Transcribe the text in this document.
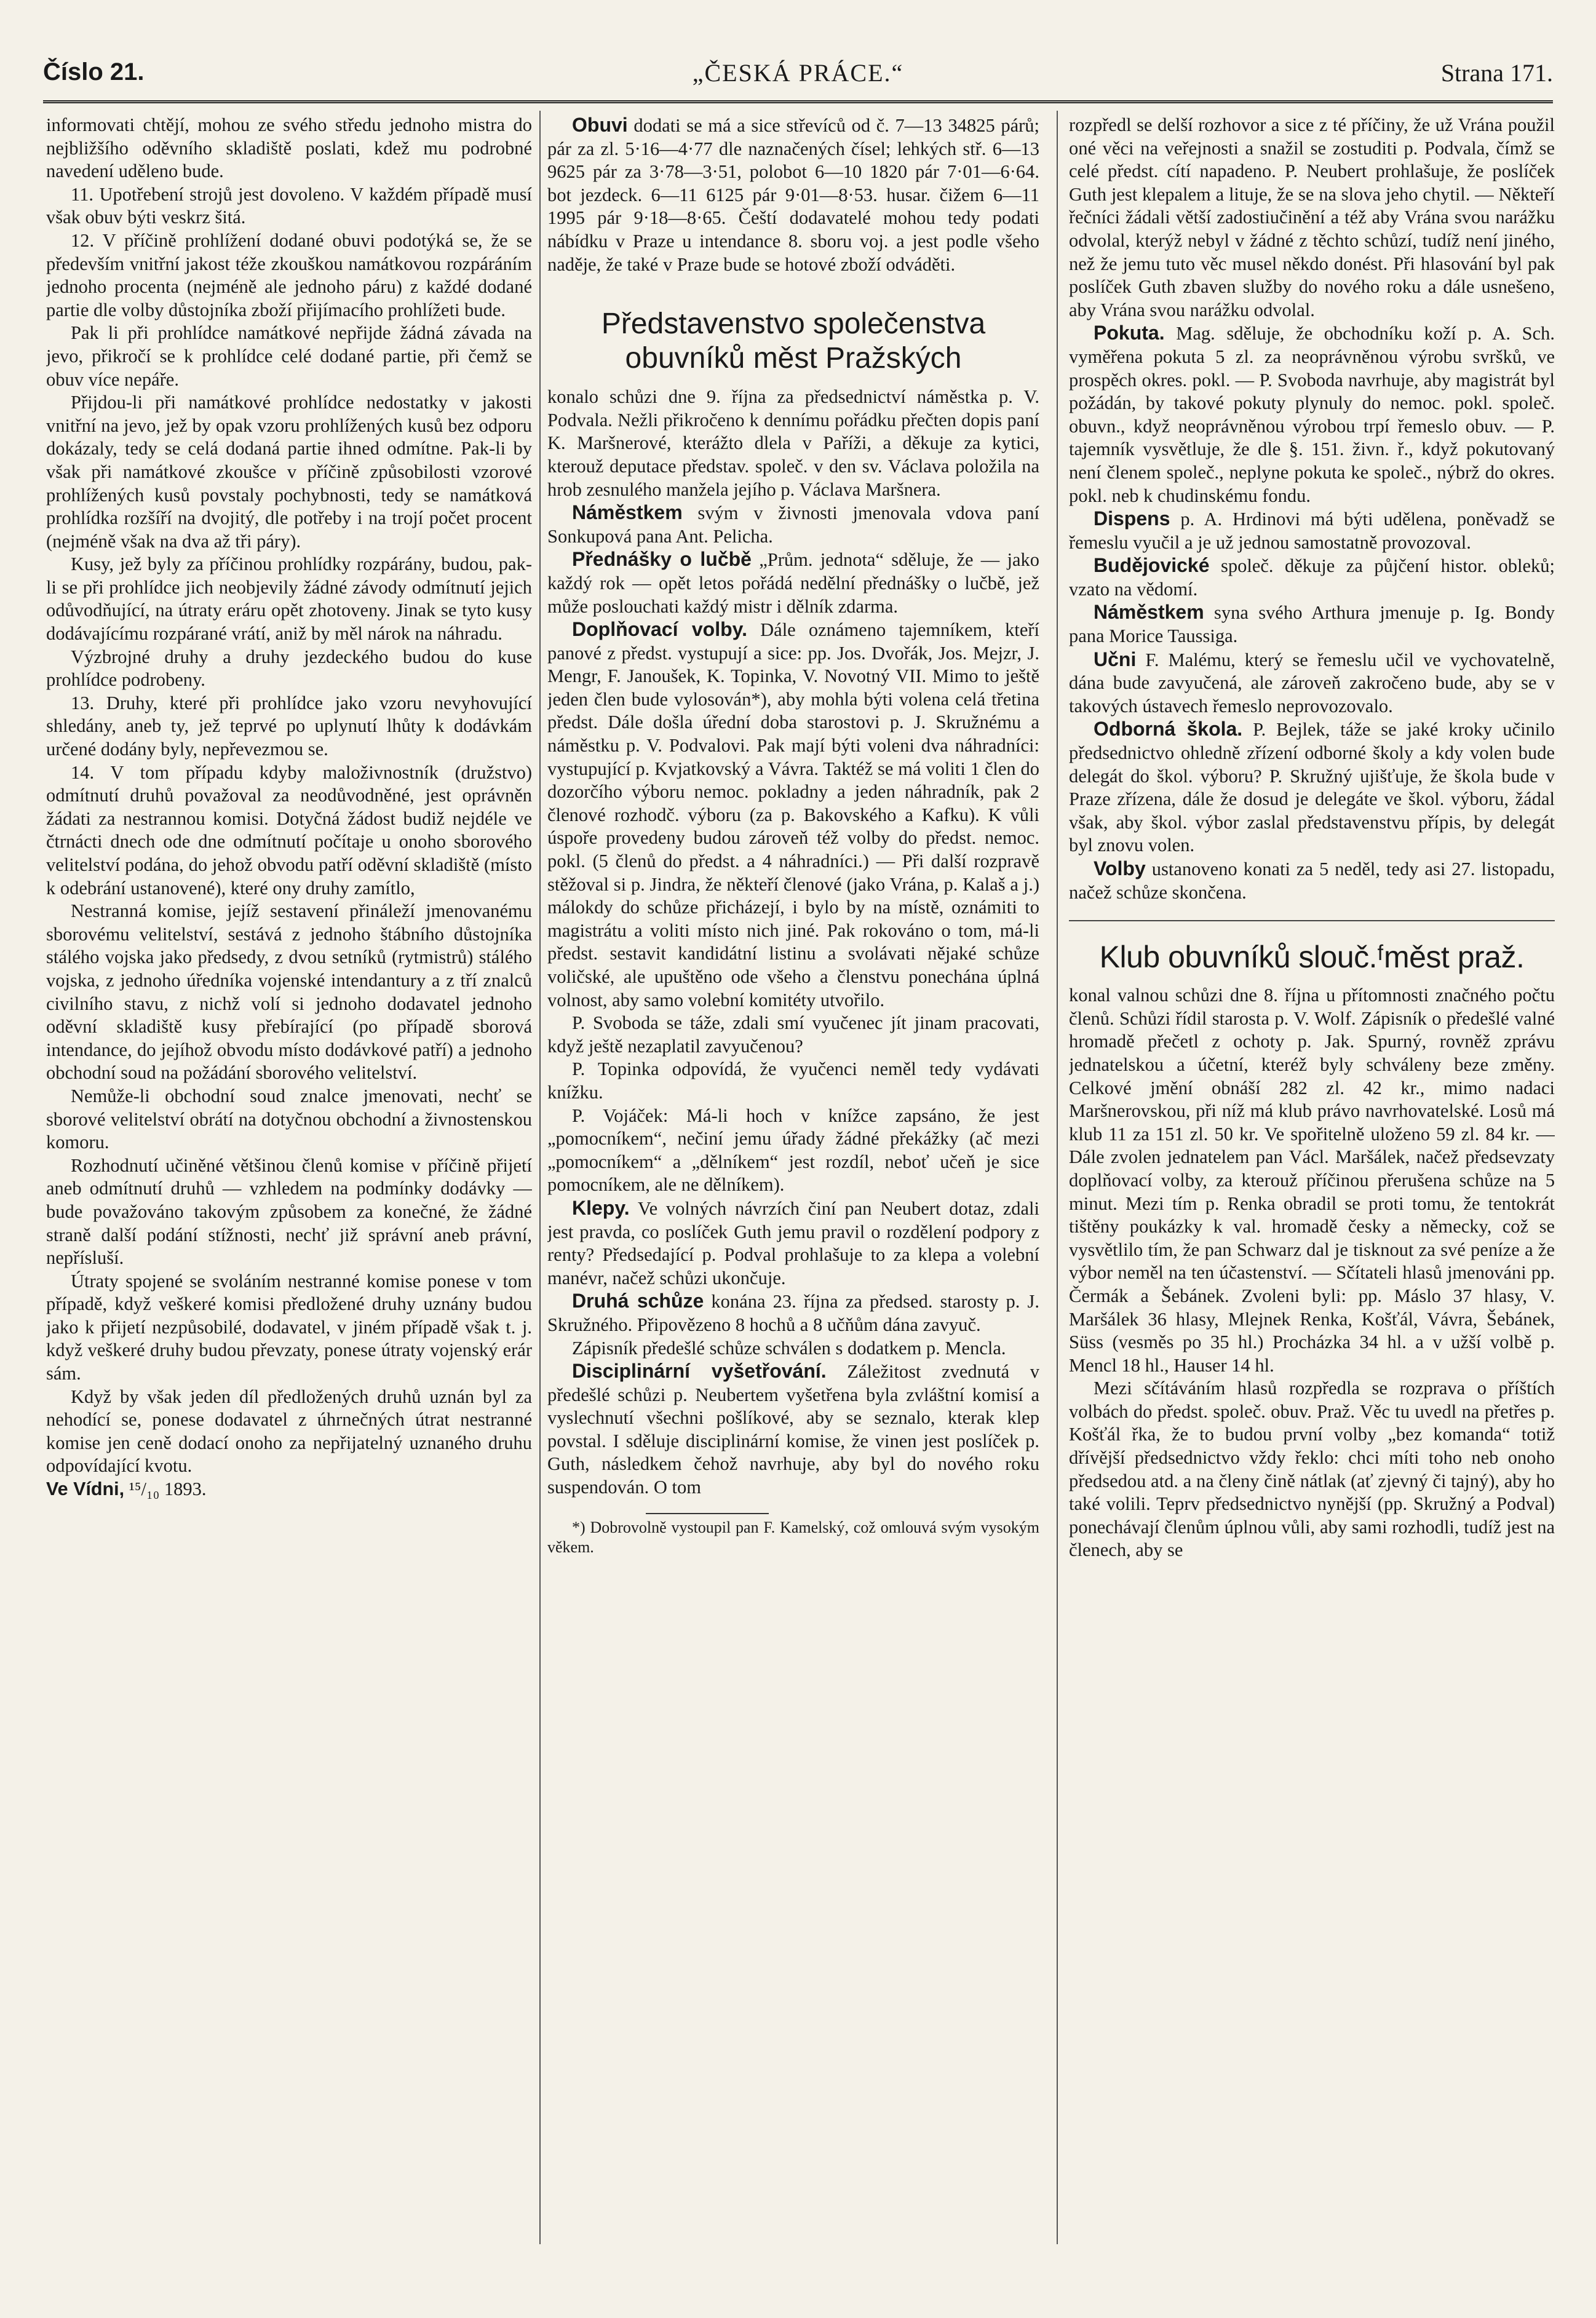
Číslo 21.	„ČESKÁ PRÁCE.“	Strana 171.

informovati chtějí, mohou ze svého středu jednoho mistra do nejbližšího oděvního skladiště poslati, kdež mu podrobné navedení uděleno bude.

11. Upotřebení strojů jest dovoleno. V každém případě musí však obuv býti veskrz šitá.

12. V příčině prohlížení dodané obuvi podotýká se, že se především vnitřní jakost téže zkouškou namátkovou rozpáráním jednoho procenta (nejméně ale jednoho páru) z každé dodané partie dle volby důstojníka zboží přijímacího prohlížeti bude.

Pak li při prohlídce namátkové nepřijde žádná závada na jevo, přikročí se k prohlídce celé dodané partie, při čemž se obuv více nepáře.

Přijdou-li při namátkové prohlídce nedostatky v jakosti vnitřní na jevo, jež by opak vzoru prohlížených kusů bez odporu dokázaly, tedy se celá dodaná partie ihned odmítne. Pak-li by však při namátkové zkoušce v příčině způsobilosti vzorové prohlížených kusů povstaly pochybnosti, tedy se namátková prohlídka rozšíří na dvojitý, dle potřeby i na trojí počet procent (nejméně však na dva až tři páry).

Kusy, jež byly za příčinou prohlídky rozpárány, budou, pak-li se při prohlídce jich neobjevily žádné závody odmítnutí jejich odůvodňující, na útraty eráru opět zhotoveny. Jinak se tyto kusy dodávajícímu rozpárané vrátí, aniž by měl nárok na náhradu.

Výzbrojné druhy a druhy jezdeckého budou do kuse prohlídce podrobeny.

13. Druhy, které při prohlídce jako vzoru nevyhovující shledány, aneb ty, jež teprvé po uplynutí lhůty k dodávkám určené dodány byly, nepřevezmou se.

14. V tom případu kdyby maloživnostník (družstvo) odmítnutí druhů považoval za neodůvodněné, jest oprávněn žádati za nestrannou komisi. Dotyčná žádost budiž nejdéle ve čtrnácti dnech ode dne odmítnutí počítaje u onoho sborového velitelství podána, do jehož obvodu patří oděvní skladiště (místo k odebrání ustanovené), které ony druhy zamítlo,

Nestranná komise, jejíž sestavení přináleží jmenovanému sborovému velitelství, sestává z jednoho štábního důstojníka stálého vojska jako předsedy, z dvou setníků (rytmistrů) stálého vojska, z jednoho úředníka vojenské intendantury a z tří znalců civilního stavu, z nichž volí si jednoho dodavatel jednoho oděvní skladiště kusy přebírající (po případě sborová intendance, do jejíhož obvodu místo dodávkové patří) a jednoho obchodní soud na požádání sborového velitelství.

Nemůže-li obchodní soud znalce jmenovati, nechť se sborové velitelství obrátí na dotyčnou obchodní a živnostenskou komoru.

Rozhodnutí učiněné většinou členů komise v příčině přijetí aneb odmítnutí druhů — vzhledem na podmínky dodávky — bude považováno takovým způsobem za konečné, že žádné straně další podání stížnosti, nechť již správní aneb právní, nepřísluší.

Útraty spojené se svoláním nestranné komise ponese v tom případě, když veškeré komisi předložené druhy uznány budou jako k přijetí nezpůsobilé, dodavatel, v jiném případě však t. j. když veškeré druhy budou převzaty, ponese útraty vojenský erár sám.

Když by však jeden díl předložených druhů uznán byl za nehodící se, ponese dodavatel z úhrnečných útrat nestranné komise jen ceně dodací onoho za nepřijatelný uznaného druhu odpovídající kvotu.

Ve Vídni, ¹⁵/₁₀ 1893.

Obuvi dodati se má a sice střevíců od č. 7—13 34825 párů; pár za zl. 5·16—4·77 dle naznačených čísel; lehkých stř. 6—13 9625 pár za 3·78—3·51, polobot 6—10 1820 pár 7·01—6·64. bot jezdeck. 6—11 6125 pár 9·01—8·53. husar. čižem 6—11 1995 pár 9·18—8·65. Čeští dodavatelé mohou tedy podati nábídku v Praze u intendance 8. sboru voj. a jest podle všeho naděje, že také v Praze bude se hotové zboží odváděti.

Představenstvo společenstva obuvníků měst Pražských

konalo schůzi dne 9. října za předsednictví náměstka p. V. Podvala. Nežli přikročeno k dennímu pořádku přečten dopis paní K. Maršnerové, kterážto dlela v Paříži, a děkuje za kytici, kterouž deputace představ. společ. v den sv. Václava položila na hrob zesnulého manžela jejího p. Václava Maršnera.

Náměstkem svým v živnosti jmenovala vdova paní Sonkupová pana Ant. Pelicha.

Přednášky o lučbě „Prům. jednota“ sděluje, že — jako každý rok — opět letos pořádá nedělní přednášky o lučbě, jež může poslouchati každý mistr i dělník zdarma.

Doplňovací volby. Dále oznámeno tajemníkem, kteří panové z předst. vystupují a sice: pp. Jos. Dvořák, Jos. Mejzr, J. Mengr, F. Janoušek, K. Topinka, V. Novotný VII. Mimo to ještě jeden člen bude vylosován*), aby mohla býti volena celá třetina předst. Dále došla úřední doba starostovi p. J. Skružnému a náměstku p. V. Podvalovi. Pak mají býti voleni dva náhradníci: vystupující p. Kvjatkovský a Vávra. Taktéž se má voliti 1 člen do dozorčího výboru nemoc. pokladny a jeden náhradník, pak 2 členové rozhodč. výboru (za p. Bakovského a Kafku). K vůli úspoře provedeny budou zároveň též volby do předst. nemoc. pokl. (5 členů do předst. a 4 náhradníci.) — Při další rozpravě stěžoval si p. Jindra, že někteří členové (jako Vrána, p. Kalaš a j.) málokdy do schůze přicházejí, i bylo by na místě, oznámiti to magistrátu a voliti místo nich jiné. Pak rokováno o tom, má-li předst. sestavit kandidátní listinu a svolávati nějaké schůze voličské, ale upuštěno ode všeho a členstvu ponechána úplná volnost, aby samo volební komitéty utvořilo.

P. Svoboda se táže, zdali smí vyučenec jít jinam pracovati, když ještě nezaplatil zavyučenou?

P. Topinka odpovídá, že vyučenci neměl tedy vydávati knížku.

P. Vojáček: Má-li hoch v knížce zapsáno, že jest „pomocníkem“, nečiní jemu úřady žádné překážky (ač mezi „pomocníkem“ a „dělníkem“ jest rozdíl, neboť učeň je sice pomocníkem, ale ne dělníkem).

Klepy. Ve volných návrzích činí pan Neubert dotaz, zdali jest pravda, co poslíček Guth jemu pravil o rozdělení podpory z renty? Předsedající p. Podval prohlašuje to za klepa a volební manévr, načež schůzi ukončuje.

Druhá schůze konána 23. října za předsed. starosty p. J. Skružného. Připovězeno 8 hochů a 8 učňům dána zavyuč.

Zápisník předešlé schůze schválen s dodatkem p. Mencla.

Disciplinární vyšetřování. Záležitost zvednutá v předešlé schůzi p. Neubertem vyšetřena byla zvláštní komisí a vyslechnutí všechni pošlíkové, aby se seznalo, kterak klep povstal. I sděluje disciplinární komise, že vinen jest poslíček p. Guth, následkem čehož navrhuje, aby byl do nového roku suspendován. O tom

*) Dobrovolně vystoupil pan F. Kamelský, což omlouvá svým vysokým věkem.

rozpředl se delší rozhovor a sice z té příčiny, že už Vrána použil oné věci na veřejnosti a snažil se zostuditi p. Podvala, čímž se celé předst. cítí napadeno. P. Neubert prohlašuje, že poslíček Guth jest klepalem a lituje, že se na slova jeho chytil. — Někteří řečníci žádali větší zadostiučinění a též aby Vrána svou narážku odvolal, kterýž nebyl v žádné z těchto schůzí, tudíž není jiného, než že jemu tuto věc musel někdo donést. Při hlasování byl pak poslíček Guth zbaven služby do nového roku a dále usnešeno, aby Vrána svou narážku odvolal.

Pokuta. Mag. sděluje, že obchodníku koží p. A. Sch. vyměřena pokuta 5 zl. za neoprávněnou výrobu svršků, ve prospěch okres. pokl. — P. Svoboda navrhuje, aby magistrát byl požádán, by takové pokuty plynuly do nemoc. pokl. společ. obuvn., když neoprávněnou výrobou trpí řemeslo obuv. — P. tajemník vysvětluje, že dle §. 151. živn. ř., když pokutovaný není členem společ., neplyne pokuta ke společ., nýbrž do okres. pokl. neb k chudinskému fondu.

Dispens p. A. Hrdinovi má býti udělena, poněvadž se řemeslu vyučil a je už jednou samostatně provozoval.

Budějovické společ. děkuje za půjčení histor. obleků; vzato na vědomí.

Náměstkem syna svého Arthura jmenuje p. Ig. Bondy pana Morice Taussiga.

Učni F. Malému, který se řemeslu učil ve vychovatelně, dána bude zavyučená, ale zároveň zakročeno bude, aby se v takových ústavech řemeslo neprovozovalo.

Odborná škola. P. Bejlek, táže se jaké kroky učinilo předsednictvo ohledně zřízení odborné školy a kdy volen bude delegát do škol. výboru? P. Skružný ujišťuje, že škola bude v Praze zřízena, dále že dosud je delegáte ve škol. výboru, žádal však, aby škol. výbor zaslal představenstvu přípis, by delegát byl znovu volen.

Volby ustanoveno konati za 5 neděl, tedy asi 27. listopadu, načež schůze skončena.

Klub obuvníků slouč.ᶠměst praž.

konal valnou schůzi dne 8. října u přítomnosti značného počtu členů. Schůzi řídil starosta p. V. Wolf. Zápisník o předešlé valné hromadě přečetl z ochoty p. Jak. Spurný, rovněž zprávu jednatelskou a účetní, kteréž byly schváleny beze změny. Celkové jmění obnáší 282 zl. 42 kr., mimo nadaci Maršnerovskou, při níž má klub právo navrhovatelské. Losů má klub 11 za 151 zl. 50 kr. Ve spořitelně uloženo 59 zl. 84 kr. — Dále zvolen jednatelem pan Václ. Maršálek, načež předsevzaty doplňovací volby, za kterouž příčinou přerušena schůze na 5 minut. Mezi tím p. Renka obradil se proti tomu, že tentokrát tištěny poukázky k val. hromadě česky a německy, což se vysvětlilo tím, že pan Schwarz dal je tisknout za své peníze a že výbor neměl na ten účastenství. — Sčítateli hlasů jmenováni pp. Čermák a Šebánek. Zvoleni byli: pp. Máslo 37 hlasy, V. Maršálek 36 hlasy, Mlejnek Renka, Košťál, Vávra, Šebánek, Süss (vesměs po 35 hl.) Procházka 34 hl. a v užší volbě p. Mencl 18 hl., Hauser 14 hl.

Mezi sčítáváním hlasů rozpředla se rozprava o příštích volbách do předst. společ. obuv. Praž. Věc tu uvedl na přetřes p. Košťál řka, že to budou první volby „bez komanda“ totiž dřívější předsednictvo vždy řeklo: chci míti toho neb onoho předsedou atd. a na členy čině nátlak (ať zjevný či tajný), aby ho také volili. Teprv předsednictvo nynější (pp. Skružný a Podval) ponechávají členům úplnou vůli, aby sami rozhodli, tudíž jest na členech, aby se
